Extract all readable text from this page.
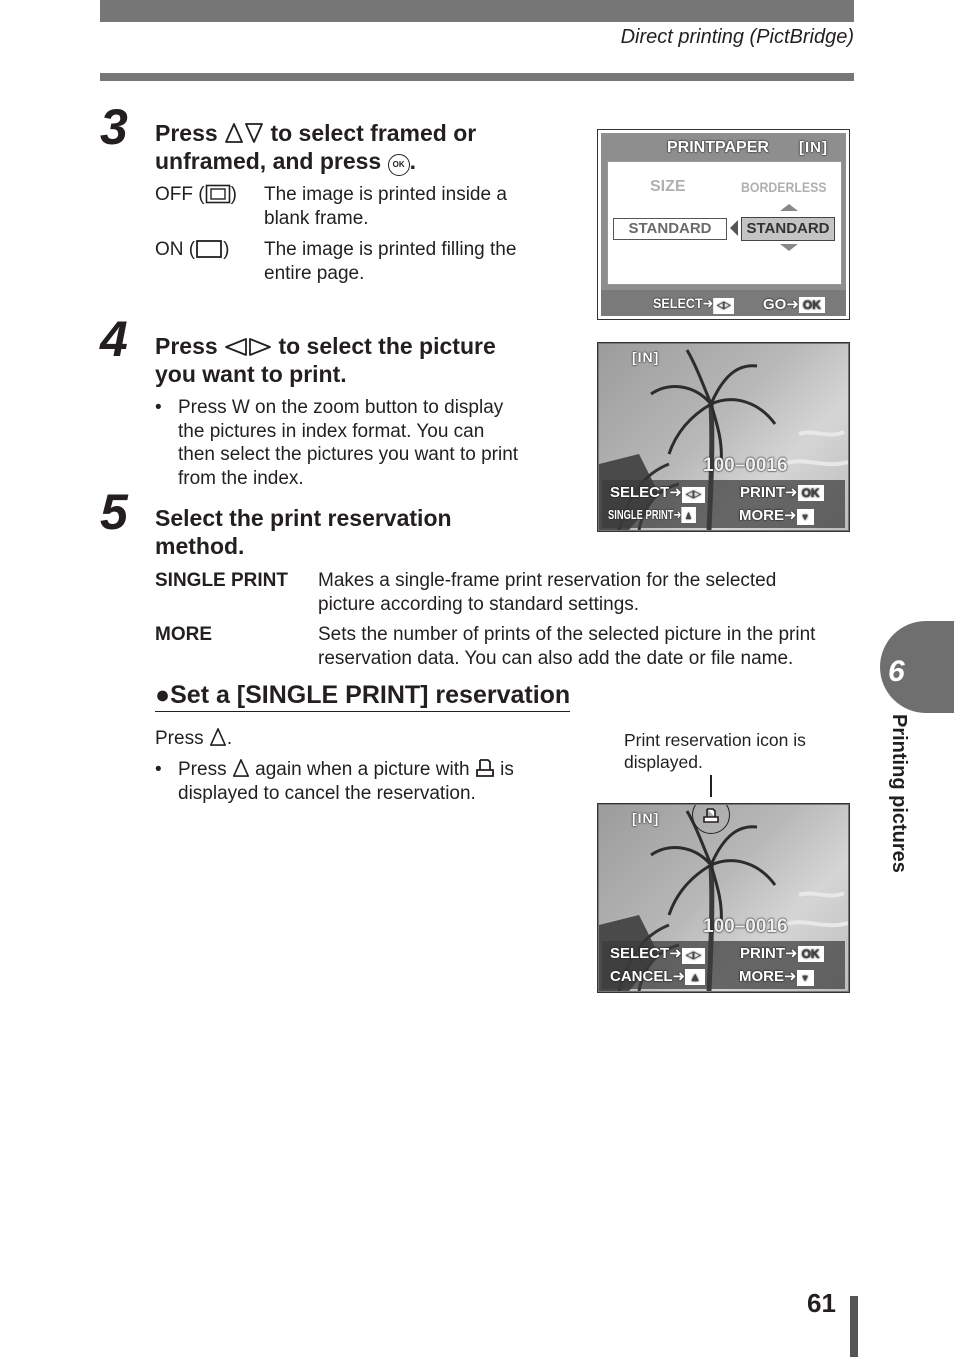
Direct printing (PictBridge)
3 Press to select framed or
unframed, and press OK .
OFF ( ) The image is printed inside a
blank frame.
ON ( ) The image is printed filling the
entire page.
PRINTPAPER [IN]
SIZE	BORDERLESS
STANDARD	STANDARD
SELECT➜ ◁▷ GO➜ OK
4 Press	to select the picture
you want to print.
• Press W on the zoom button to display
the pictures in index format. You can
then select the pictures you want to print
from the index.
[IN]
100–0016
SELECT➜ ◁▷	PRINT➜ OK
SINGLE PRINT➜ ▲	MORE➜ ▼
5 Select the print reservation
method.
SINGLE PRINT Makes a single-frame print reservation for the selected
picture according to standard settings.
MORE	Sets the number of prints of the selected picture in the print
reservation data. You can also add the date or file name.
●Set a [SINGLE PRINT] reservation
Press .
• Press again when a picture with is
displayed to cancel the reservation.
Print reservation icon is
displayed.
[IN]
100–0016
SELECT➜ ◁▷	PRINT➜ OK
CANCEL➜ ▲	MORE➜ ▼
6
Printing pictures
61
